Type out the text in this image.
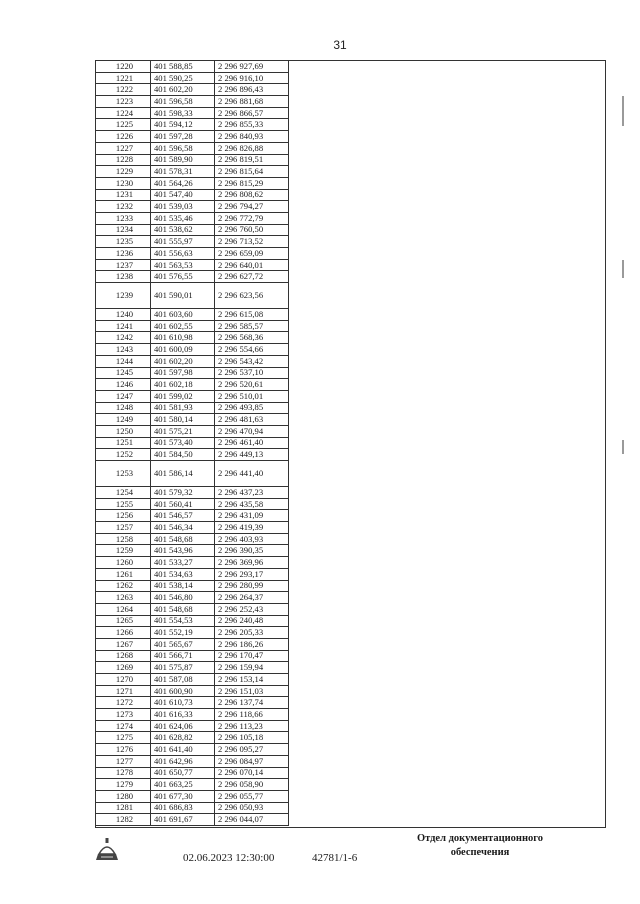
31
1220	401 588,85	2 296 927,69
1221	401 590,25	2 296 916,10
1222	401 602,20	2 296 896,43
1223	401 596,58	2 296 881,68
1224	401 598,33	2 296 866,57
1225	401 594,12	2 296 855,33
1226	401 597,28	2 296 840,93
1227	401 596,58	2 296 826,88
1228	401 589,90	2 296 819,51
1229	401 578,31	2 296 815,64
1230	401 564,26	2 296 815,29
1231	401 547,40	2 296 808,62
1232	401 539,03	2 296 794,27
1233	401 535,46	2 296 772,79
1234	401 538,62	2 296 760,50
1235	401 555,97	2 296 713,52
1236	401 556,63	2 296 659,09
1237	401 563,53	2 296 640,01
1238	401 576,55	2 296 627,72
1239	401 590,01	2 296 623,56
1240	401 603,60	2 296 615,08
1241	401 602,55	2 296 585,57
1242	401 610,98	2 296 568,36
1243	401 600,09	2 296 554,66
1244	401 602,20	2 296 543,42
1245	401 597,98	2 296 537,10
1246	401 602,18	2 296 520,61
1247	401 599,02	2 296 510,01
1248	401 581,93	2 296 493,85
1249	401 580,14	2 296 481,63
1250	401 575,21	2 296 470,94
1251	401 573,40	2 296 461,40
1252	401 584,50	2 296 449,13
1253	401 586,14	2 296 441,40
1254	401 579,32	2 296 437,23
1255	401 560,41	2 296 435,58
1256	401 546,57	2 296 431,09
1257	401 546,34	2 296 419,39
1258	401 548,68	2 296 403,93
1259	401 543,96	2 296 390,35
1260	401 533,27	2 296 369,96
1261	401 534,63	2 296 293,17
1262	401 538,14	2 296 280,99
1263	401 546,80	2 296 264,37
1264	401 548,68	2 296 252,43
1265	401 554,53	2 296 240,48
1266	401 552,19	2 296 205,33
1267	401 565,67	2 296 186,26
1268	401 566,71	2 296 170,47
1269	401 575,87	2 296 159,94
1270	401 587,08	2 296 153,14
1271	401 600,90	2 296 151,03
1272	401 610,73	2 296 137,74
1273	401 616,33	2 296 118,66
1274	401 624,06	2 296 113,23
1275	401 628,82	2 296 105,18
1276	401 641,40	2 296 095,27
1277	401 642,96	2 296 084,97
1278	401 650,77	2 296 070,14
1279	401 663,25	2 296 058,90
1280	401 677,30	2 296 055,77
1281	401 686,83	2 296 050,93
1282	401 691,67	2 296 044,07
02.06.2023 12:30:00	42781/1-6
Отдел документационного
обеспечения
